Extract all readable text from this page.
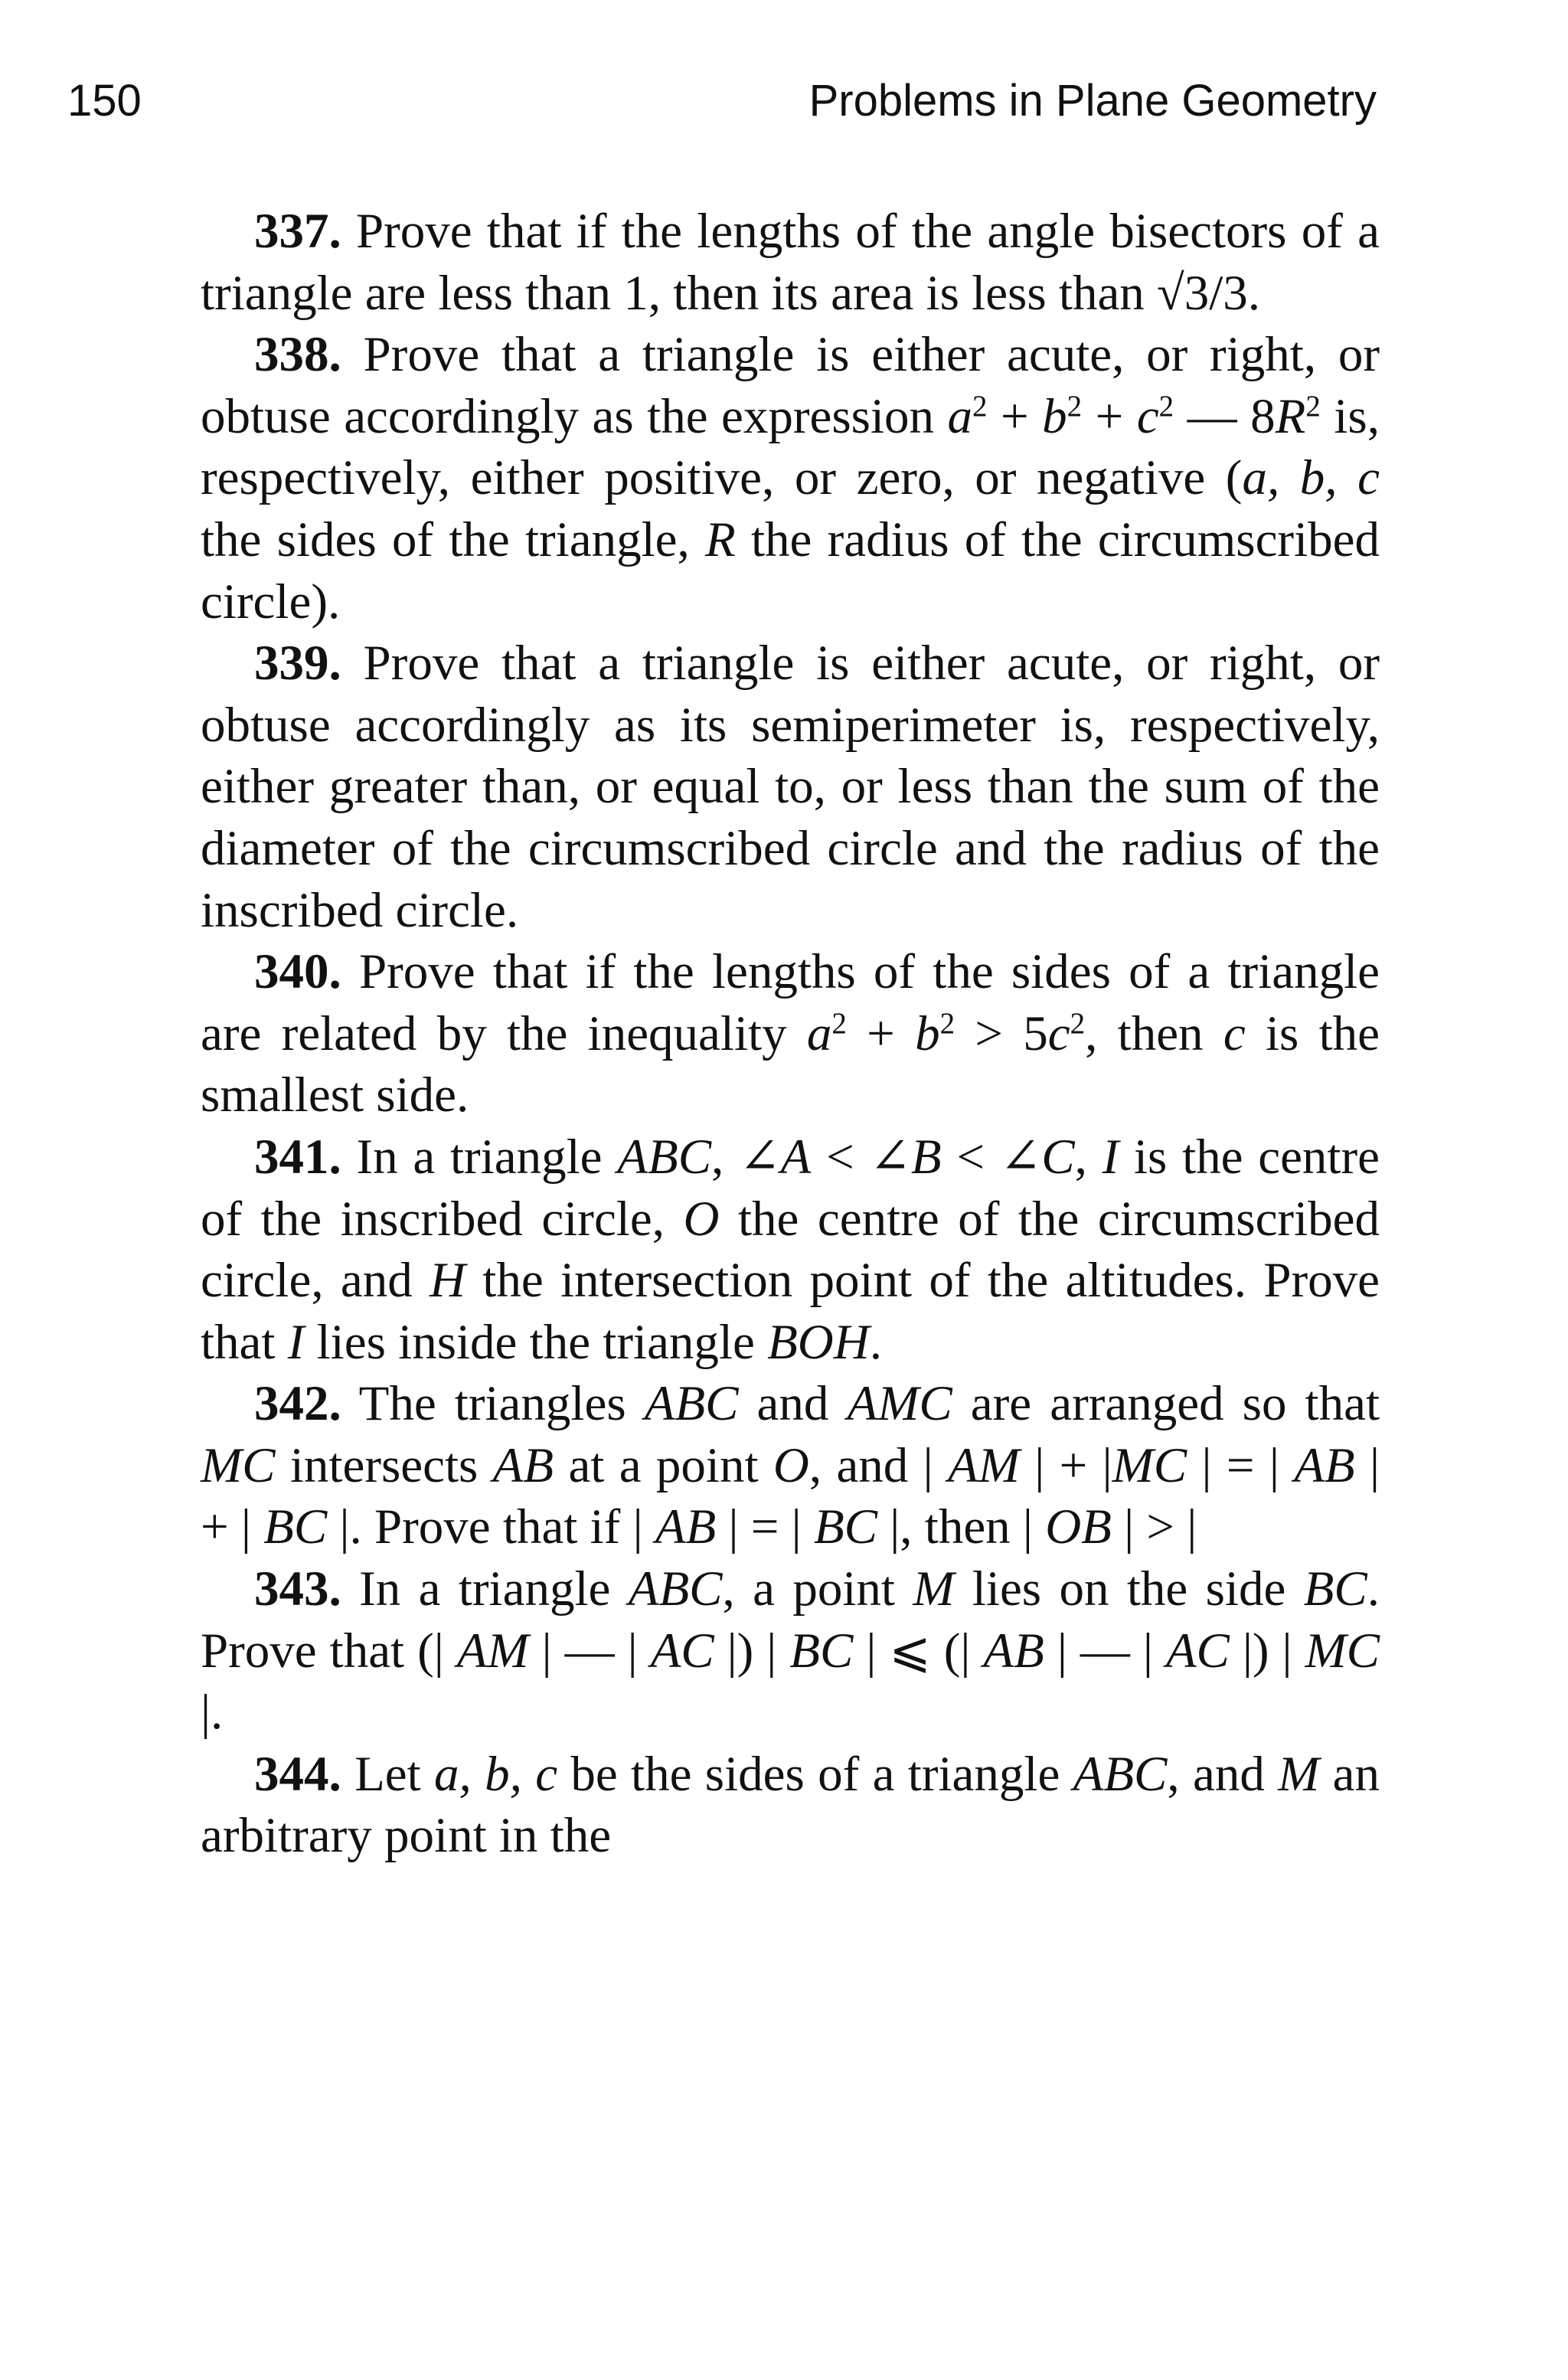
150	Problems in Plane Geometry

337. Prove that if the lengths of the angle bisectors of a triangle are less than 1, then its area is less than √3/3.

338. Prove that a triangle is either acute, or right, or obtuse accordingly as the expression $a^2 + b^2 + c^2$ — $8R^2$ is, respectively, either positive, or zero, or negative (a, b, c the sides of the triangle, R the radius of the circumscribed circle).

339. Prove that a triangle is either acute, or right, or obtuse accordingly as its semiperimeter is, respectively, either greater than, or equal to, or less than the sum of the diameter of the circumscribed circle and the radius of the inscribed circle.

340. Prove that if the lengths of the sides of a triangle are related by the inequality $a^2 + b^2 > 5c^2$, then c is the smallest side.

341. In a triangle ABC, ∠A < ∠B < ∠C, I is the centre of the inscribed circle, O the centre of the circumscribed circle, and H the intersection point of the altitudes. Prove that I lies inside the triangle BOH.

342. The triangles ABC and AMC are arranged so that MC intersects AB at a point O, and | AM | + |MC | = | AB | + | BC |. Prove that if | AB | = | BC |, then | OB | > |

343. In a triangle ABC, a point M lies on the side BC. Prove that (| AM | — | AC |) | BC | ⩽ (| AB | — | AC |) | MC |.

344. Let a, b, c be the sides of a triangle ABC, and M an arbitrary point in the
